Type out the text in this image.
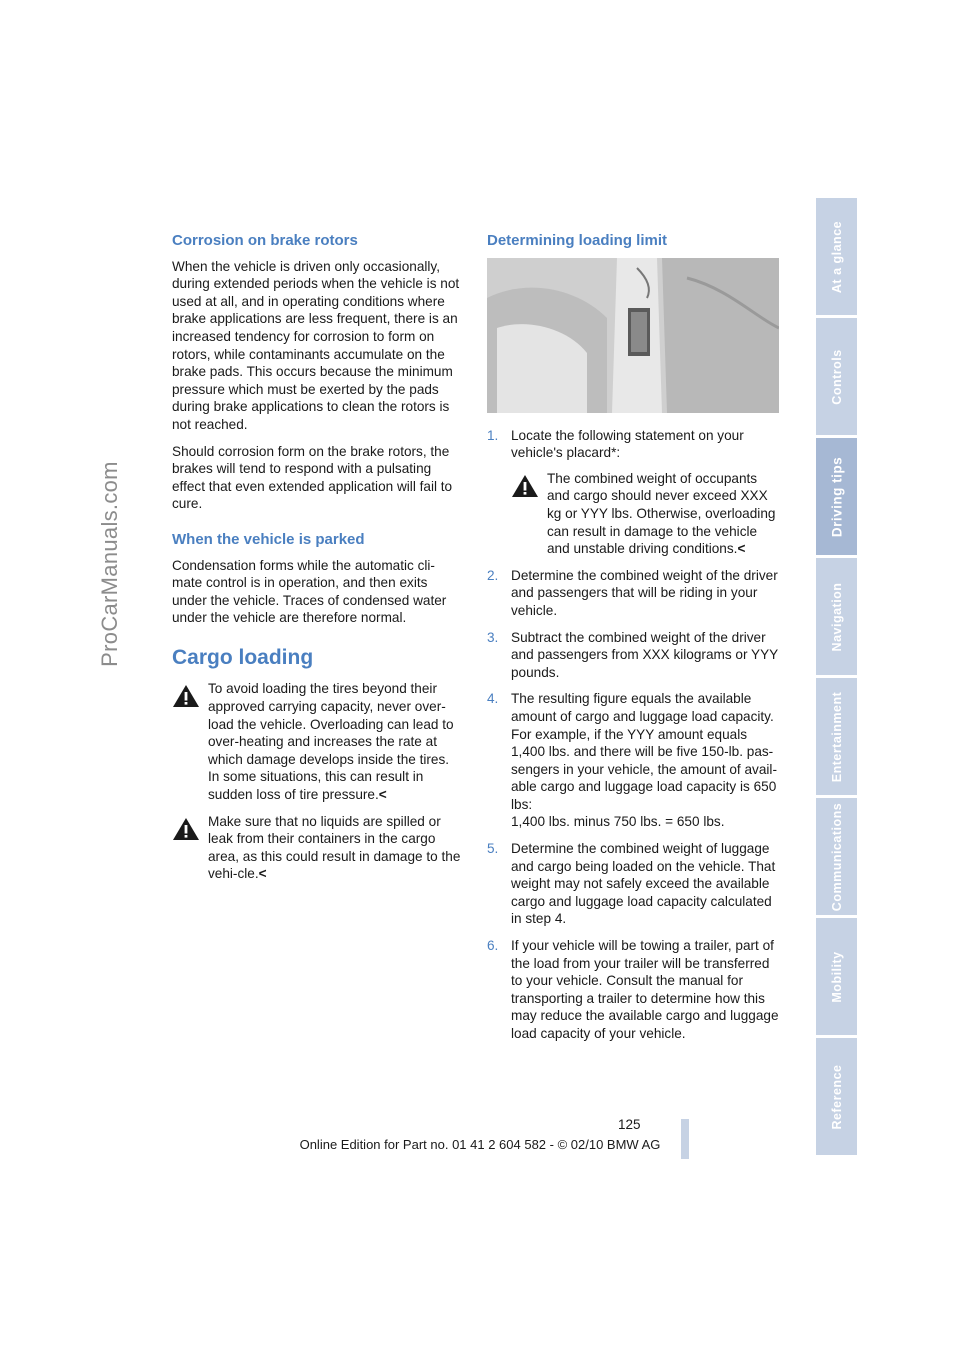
ProCarManuals.com
Corrosion on brake rotors

When the vehicle is driven only occasionally, during extended periods when the vehicle is not used at all, and in operating conditions where brake applications are less frequent, there is an increased tendency for corrosion to form on rotors, while contaminants accumulate on the brake pads. This occurs because the minimum pressure which must be exerted by the pads during brake applications to clean the rotors is not reached.

Should corrosion form on the brake rotors, the brakes will tend to respond with a pulsating effect that even extended application will fail to cure.

When the vehicle is parked

Condensation forms while the automatic cli-mate control is in operation, and then exits under the vehicle. Traces of condensed water under the vehicle are therefore normal.

Cargo loading
To avoid loading the tires beyond their approved carrying capacity, never over-load the vehicle. Overloading can lead to over-heating and increases the rate at which damage develops inside the tires. In some situations, this can result in sudden loss of tire pressure.<
Make sure that no liquids are spilled or leak from their containers in the cargo area, as this could result in damage to the vehi-cle.<
Determining loading limit
1. Locate the following statement on your vehicle's placard*:
The combined weight of occupants and cargo should never exceed XXX kg or YYY lbs. Otherwise, overloading can result in damage to the vehicle and unstable driving conditions.<
2. Determine the combined weight of the driver and passengers that will be riding in your vehicle.
3. Subtract the combined weight of the driver and passengers from XXX kilograms or YYY pounds.
4. The resulting figure equals the available amount of cargo and luggage load capacity. For example, if the YYY amount equals 1,400 lbs. and there will be five 150-lb. pas-sengers in your vehicle, the amount of avail-able cargo and luggage load capacity is 650 lbs:
1,400 lbs. minus 750 lbs. = 650 lbs.
5. Determine the combined weight of luggage and cargo being loaded on the vehicle. That weight may not safely exceed the available cargo and luggage load capacity calculated in step 4.
6. If your vehicle will be towing a trailer, part of the load from your trailer will be transferred to your vehicle. Consult the manual for transporting a trailer to determine how this may reduce the available cargo and luggage load capacity of your vehicle.
At a glance
Controls
Driving tips
Navigation
Entertainment
Communications
Mobility
Reference
125
Online Edition for Part no. 01 41 2 604 582 - © 02/10 BMW AG
